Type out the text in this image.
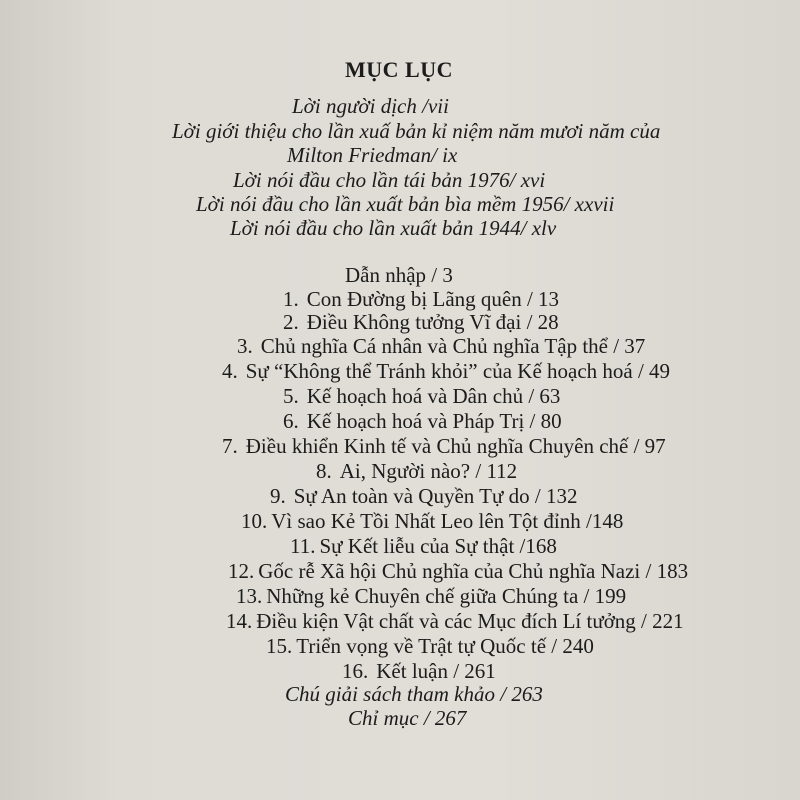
MỤC LỤC
Lời người dịch /vii
Lời giới thiệu cho lần xuấ bản kỉ niệm năm mươi năm của
Milton Friedman/ ix
Lời nói đầu cho lần tái bản 1976/ xvi
Lời nói đầu cho lần xuất bản bìa mềm 1956/ xxvii
Lời nói đầu cho lần xuất bản 1944/ xlv
Dẫn nhập / 3
1. Con Đường bị Lãng quên / 13
2. Điều Không tưởng Vĩ đại / 28
3. Chủ nghĩa Cá nhân và Chủ nghĩa Tập thể / 37
4. Sự “Không thể Tránh khỏi” của Kế hoạch hoá / 49
5. Kế hoạch hoá và Dân chủ / 63
6. Kế hoạch hoá và Pháp Trị / 80
7. Điều khiển Kinh tế và Chủ nghĩa Chuyên chế / 97
8. Ai, Người nào? / 112
9. Sự An toàn và Quyền Tự do / 132
10. Vì sao Kẻ Tồi Nhất Leo lên Tột đỉnh /148
11. Sự Kết liễu của Sự thật /168
12. Gốc rễ Xã hội Chủ nghĩa của Chủ nghĩa Nazi / 183
13. Những kẻ Chuyên chế giữa Chúng ta / 199
14. Điều kiện Vật chất và các Mục đích Lí tưởng / 221
15. Triển vọng về Trật tự Quốc tế / 240
16. Kết luận / 261
Chú giải sách tham khảo / 263
Chỉ mục / 267
